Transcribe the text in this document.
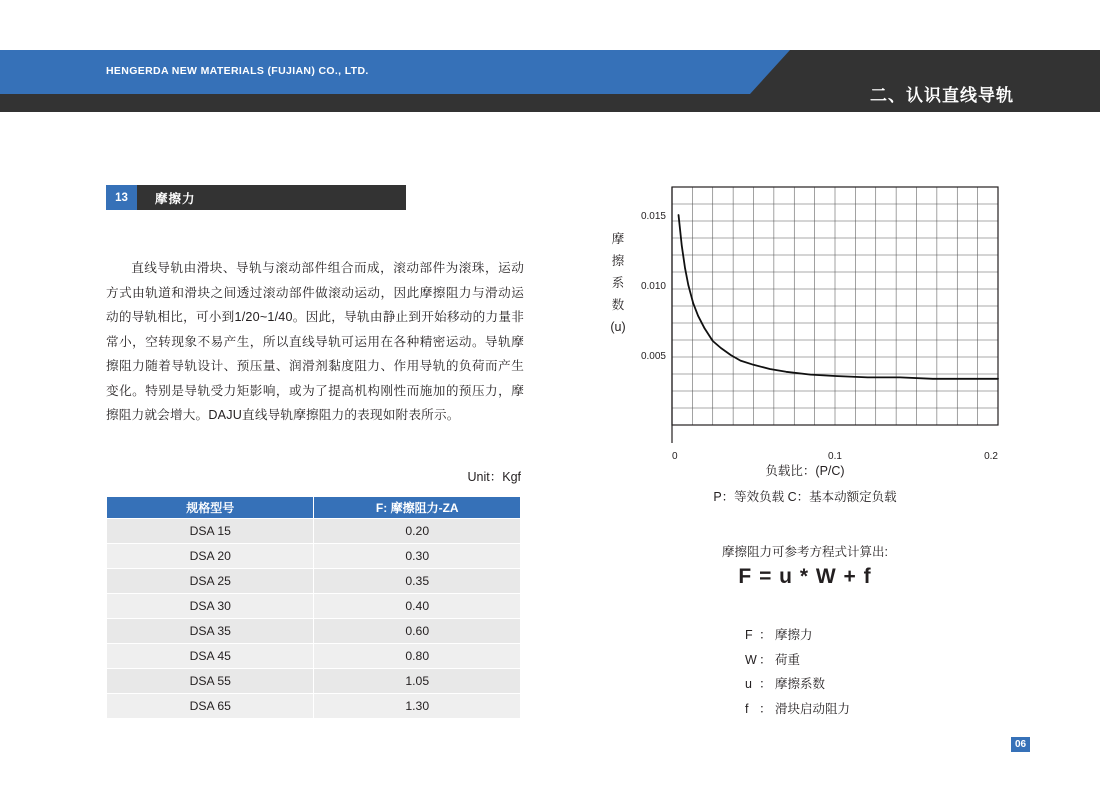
HENGERDA NEW MATERIALS (FUJIAN) CO., LTD.
二、认识直线导轨
13	摩擦力
直线导轨由滑块、导轨与滚动部件组合而成，滚动部件为滚珠，运动方式由轨道和滑块之间透过滚动部件做滚动运动，因此摩擦阻力与滑动运动的导轨相比，可小到1/20~1/40。因此，导轨由静止到开始移动的力量非常小，空转现象不易产生，所以直线导轨可运用在各种精密运动。导轨摩擦阻力随着导轨设计、预压量、润滑剂黏度阻力、作用导轨的负荷而产生变化。特别是导轨受力矩影响，或为了提高机构刚性而施加的预压力，摩擦阻力就会增大。DAJU直线导轨摩擦阻力的表现如附表所示。
Unit：Kgf
规格型号	F: 摩擦阻力-ZA
DSA 15	0.20
DSA 20	0.30
DSA 25	0.35
DSA 30	0.40
DSA 35	0.60
DSA 45	0.80
DSA 55	1.05
DSA 65	1.30
0.005
0.010
0.015
0	0.1	0.2
摩
擦
系
数
(u)
负载比：(P/C)
P：等效负载 C：基本动额定负载
摩擦阻力可参考方程式计算出:
F = u * W + f
F ： 摩擦力
W ： 荷重
u ： 摩擦系数
f ： 滑块启动阻力
06
